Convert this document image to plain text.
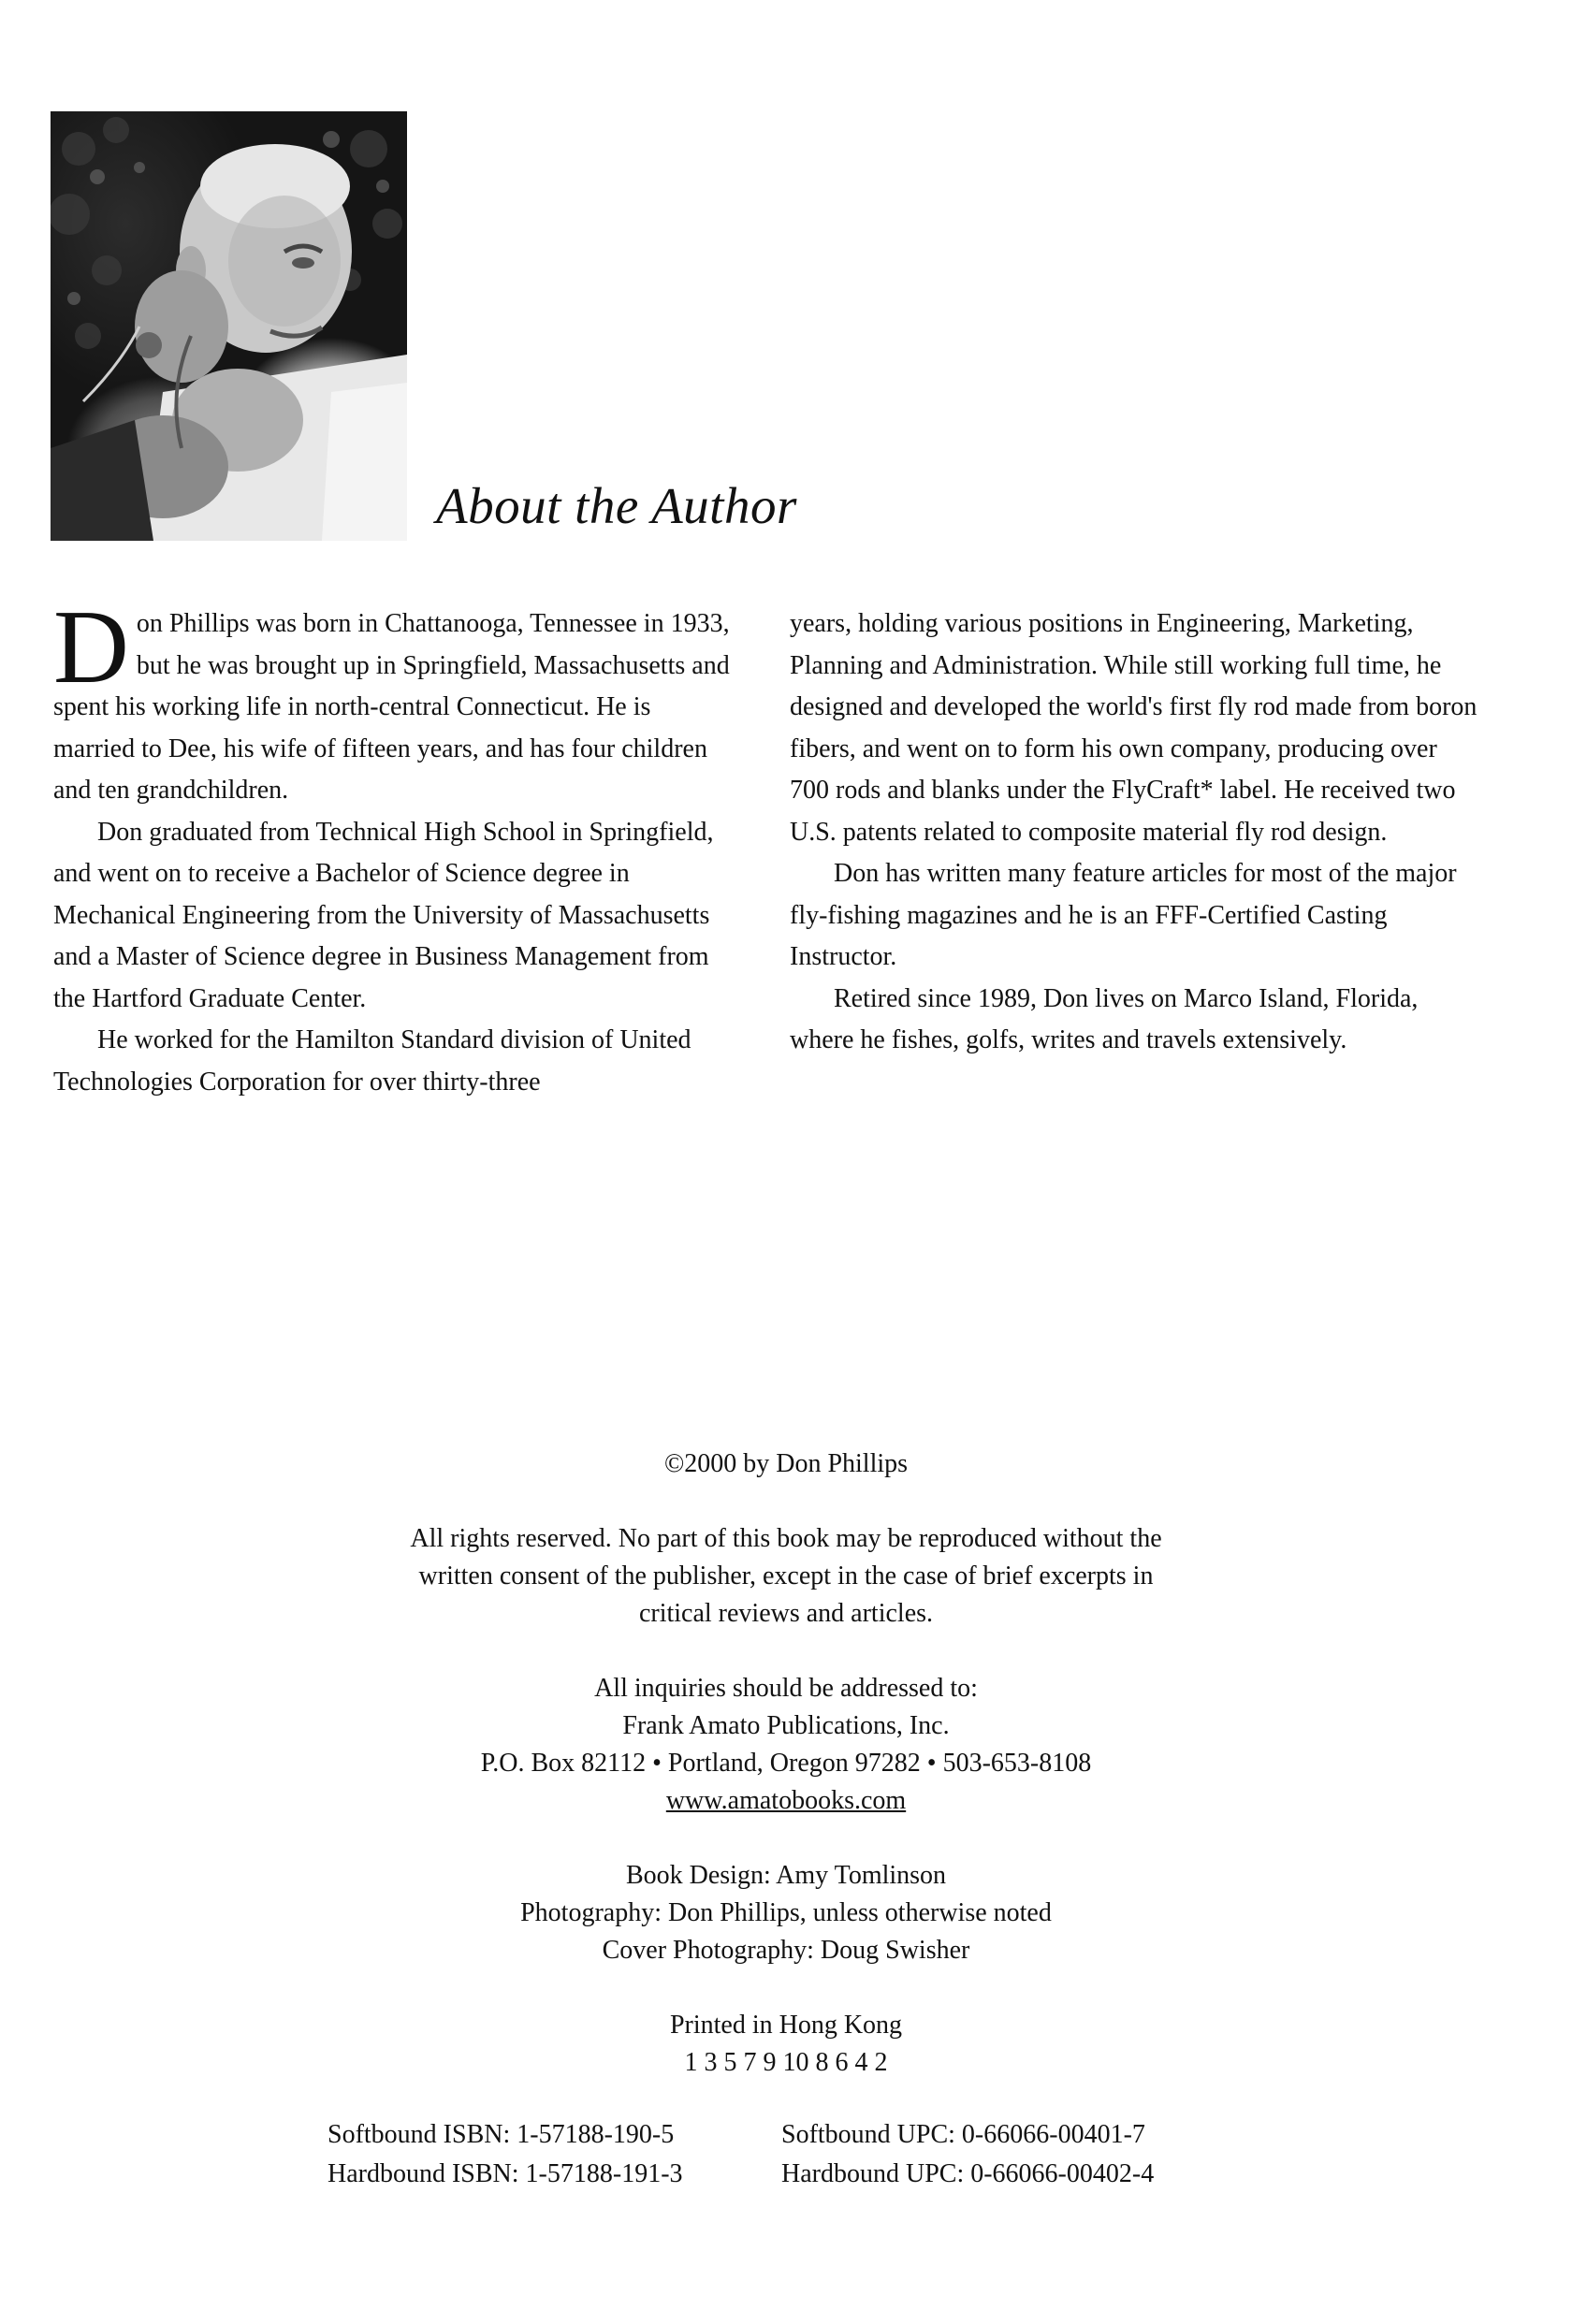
About the Author

Don Phillips was born in Chattanooga, Tennessee in 1933, but he was brought up in Springfield, Massachusetts and spent his working life in north-central Connecticut. He is married to Dee, his wife of fifteen years, and has four children and ten grandchildren.

Don graduated from Technical High School in Springfield, and went on to receive a Bachelor of Science degree in Mechanical Engineering from the University of Massachusetts and a Master of Science degree in Business Management from the Hartford Graduate Center.

He worked for the Hamilton Standard division of United Technologies Corporation for over thirty-three

years, holding various positions in Engineering, Marketing, Planning and Administration. While still working full time, he designed and developed the world's first fly rod made from boron fibers, and went on to form his own company, producing over 700 rods and blanks under the FlyCraft* label. He received two U.S. patents related to composite material fly rod design.

Don has written many feature articles for most of the major fly-fishing magazines and he is an FFF-Certified Casting Instructor.

Retired since 1989, Don lives on Marco Island, Florida, where he fishes, golfs, writes and travels extensively.

©2000 by Don Phillips

All rights reserved. No part of this book may be reproduced without the

written consent of the publisher, except in the case of brief excerpts in

critical reviews and articles.

All inquiries should be addressed to:

Frank Amato Publications, Inc.

P.O. Box 82112 • Portland, Oregon 97282 • 503-653-8108

www.amatobooks.com

Book Design: Amy Tomlinson

Photography: Don Phillips, unless otherwise noted

Cover Photography: Doug Swisher

Printed in Hong Kong

1 3 5 7 9 10 8 6 4 2

Softbound ISBN: 1-57188-190-5
Hardbound ISBN: 1-57188-191-3
Softbound UPC: 0-66066-00401-7
Hardbound UPC: 0-66066-00402-4
